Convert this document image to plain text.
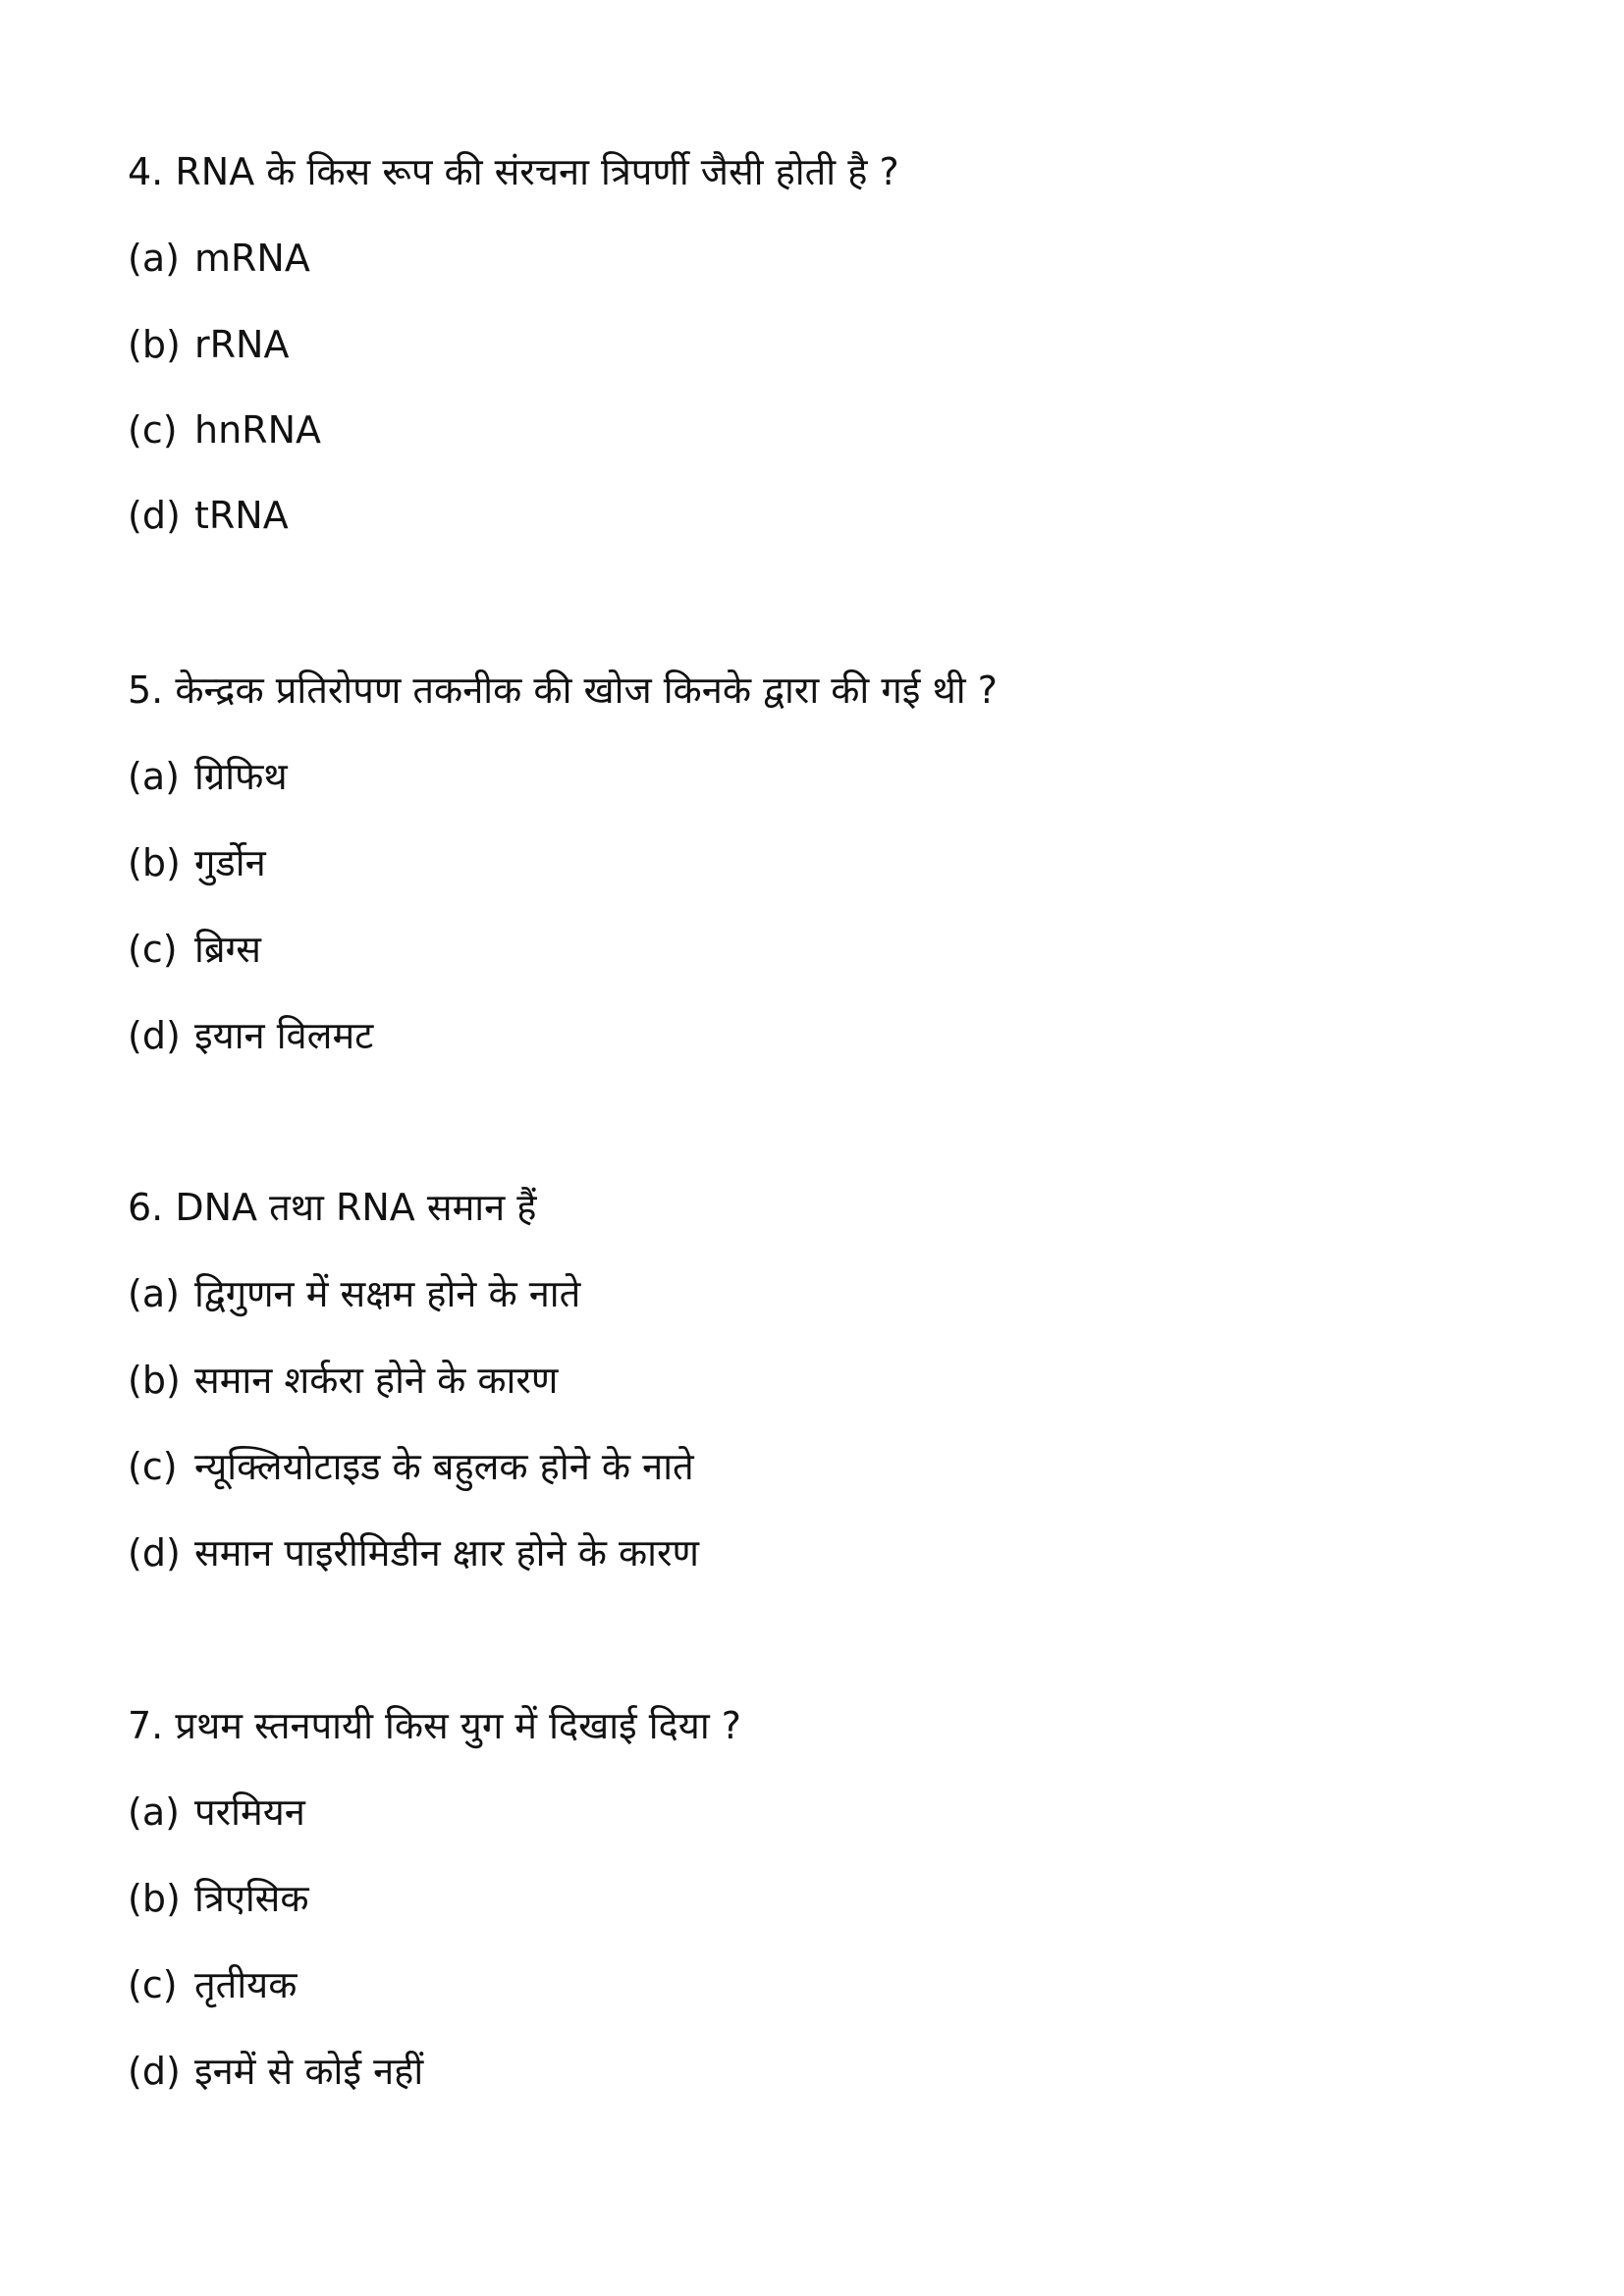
4. RNA के किस रूप की संरचना त्रिपर्णी जैसी होती है ?
(a) mRNA
(b) rRNA
(c) hnRNA
(d) tRNA
5. केन्द्रक प्रतिरोपण तकनीक की खोज किनके द्वारा की गई थी ?
(a) ग्रिफिथ
(b) गुर्डोन
(c) ब्रिग्स
(d) इयान विलमट
6. DNA तथा RNA समान हैं
(a) द्विगुणन में सक्षम होने के नाते
(b) समान शर्करा होने के कारण
(c) न्यूक्लियोटाइड के बहुलक होने के नाते
(d) समान पाइरीमिडीन क्षार होने के कारण
7. प्रथम स्तनपायी किस युग में दिखाई दिया ?
(a) परमियन
(b) त्रिएसिक
(c) तृतीयक
(d) इनमें से कोई नहीं
